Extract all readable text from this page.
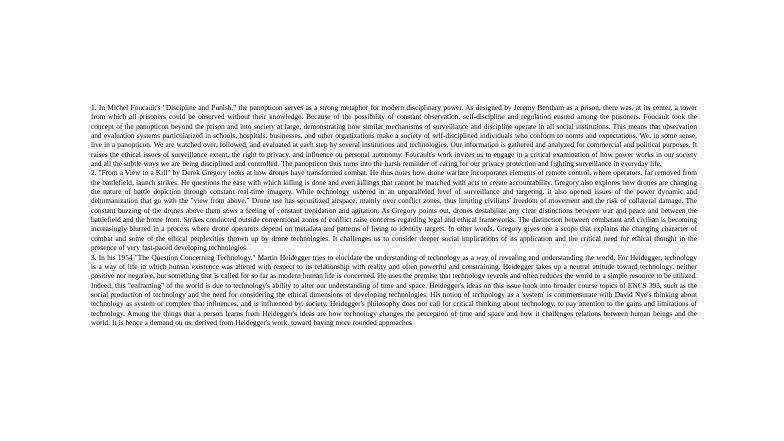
1. In Michel Foucault's "Discipline and Punish," the panopticon serves as a strong metaphor for modern disciplinary power. As designed by Jeremy Bentham as a prison, there was, at its center, a tower from which all prisoners could be observed without their knowledge. Because of the possibility of constant observation, self-discipline and regulation ensued among the prisoners. Foucault took the concept of the panopticon beyond the prison and into society at large, demonstrating how similar mechanisms of surveillance and discipline operate in all social institutions. This means that observation and evaluation systems particularized in schools, hospitals, businesses, and other organizations make a society of self-disciplined individuals who conform to norms and expectations. We, in some sense, live in a panopticon. We are watched over, followed, and evaluated at each step by several institutions and technologies. Our information is gathered and analyzed for commercial and political purposes. It raises the ethical issues of surveillance extent, the right to privacy, and influence on personal autonomy. Foucault's work invites us to engage in a critical examination of how power works in our society and all the subtle ways we are being disciplined and controlled. The panopticon thus turns into the harsh reminder of caring for our privacy protection and fighting surveillance in everyday life.

2. "From a View to a Kill" by Derek Gregory looks at how drones have transformed combat. He thus notes how drone warfare incorporates elements of remote control, where operators, far removed from the battlefield, launch strikes. He questions the ease with which killing is done and even killings that cannot be matched with acts to create accountability. Gregory also explores how drones are changing the nature of battle depiction through constant real-time imagery. While technology ushered in an unparalleled level of surveillance and targeting, it also opened issues of the power dynamic and dehumanization that go with the "view from above." Drone use has securitized airspace, mainly over conflict zones, thus limiting civilians' freedom of movement and the risk of collateral damage. The constant buzzing of the drones above them sows a feeling of constant trepidation and agitation. As Gregory points out, drones destabilize any clear distinctions between war and peace and between the battlefield and the home front. Strikes conducted outside conventional zones of conflict raise concerns regarding legal and ethical frameworks. The distinction between combatant and civilian is becoming increasingly blurred in a process where drone operators depend on metadata and patterns of living to identify targets. In other words, Gregory gives one a scope that explains the changing character of combat and some of the ethical perplexities thrown up by drone technologies. It challenges us to consider deeper social implications of its application and the critical need for ethical thought in the presence of very fast-paced developing technologies.

3. In his 1954 "The Question Concerning Technology," Martin Heidegger tries to elucidate the understanding of technology as a way of revealing and understanding the world. For Heidegger, technology is a way of life in which human existence was altered with respect to its relationship with reality and often powerful and constraining. Heidegger takes up a neutral attitude toward technology, neither positive nor negative, but something that is called for so far as modern human life is concerned. He uses the premise that technology reveals and often reduces the world to a simple resource to be utilized. Indeed, this "enframing" of the world is due to technology's ability to alter our understanding of time and space. Heidegger's ideas on this issue hook into broader course topics of ENCS 393, such as the social production of technology and the need for considering the ethical dimensions of developing technologies. His notion of technology as a 'system' is commensurate with David Nye's thinking about technology as system or complex that influences, and is influenced by, society. Heidegger's philosophy does not call for critical thinking about technology, to pay attention to the gains and limitations of technology. Among the things that a person learns from Heidegger's ideas are how technology changes the perception of time and space and how it challenges relations between human beings and the world. It is hence a demand on us, derived from Heidegger's work, toward having more rounded approaches
